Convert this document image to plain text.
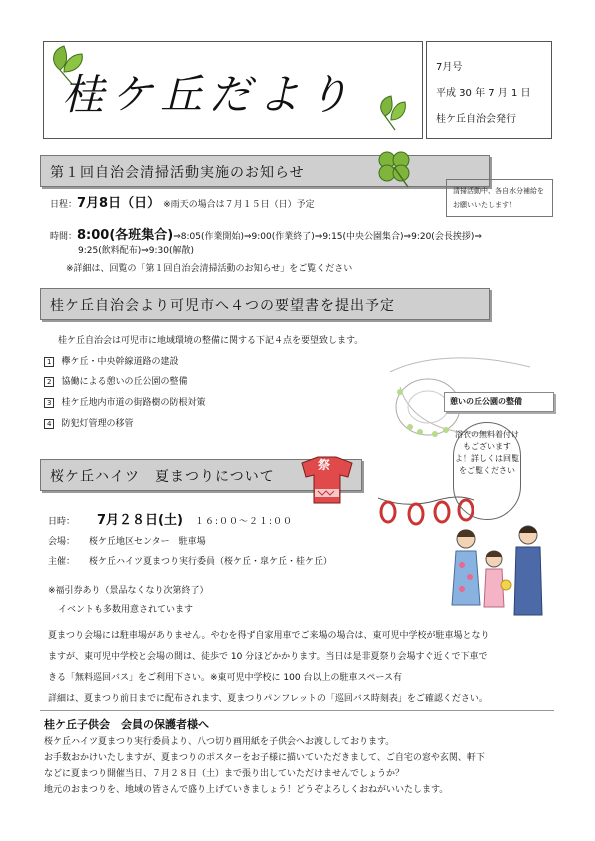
桂ケ丘だより
7月号
平成 30 年 7 月 1 日
桂ケ丘自治会発行
第１回自治会清掃活動実施のお知らせ
清掃活動中、各自水分補給をお願いいたします！
日程：7月8日（日） ※雨天の場合は７月１５日（日）予定
時間：8:00(各班集合)⇒8:05(作業開始)⇒9:00(作業終了)⇒9:15(中央公園集合)⇒9:20(会長挨拶)⇒
9:25(飲料配布)⇒9:30(解散)
※詳細は、回覧の「第１回自治会清掃活動のお知らせ」をご覧ください
桂ケ丘自治会より可児市へ４つの要望書を提出予定
桂ケ丘自治会は可児市に地域環境の整備に関する下記４点を要望致します。
1 欅ケ丘・中央幹線道路の建設
2 協働による憩いの丘公園の整備
3 桂ケ丘地内市道の街路樹の防根対策
4 防犯灯管理の移管
憩いの丘公園の整備
桜ケ丘ハイツ　夏まつりについて
祭
日時： 7月２８日(土) １６:００～２１:００
会場： 桜ケ丘地区センター　駐車場
主催： 桜ケ丘ハイツ夏まつり実行委員（桜ケ丘・皐ケ丘・桂ケ丘）
※福引券あり（景品なくなり次第終了）
イベントも多数用意されています
浴衣の無料着付けもございます よ！詳しくは回覧をご覧ください
夏まつり会場には駐車場がありません。やむを得ず自家用車でご来場の場合は、東可児中学校が駐車場となり
ますが、東可児中学校と会場の間は、徒歩で 10 分ほどかかります。当日は是非夏祭り会場すぐ近くで下車で
きる「無料巡回バス」をご利用下さい。※東可児中学校に 100 台以上の駐車スペース有
詳細は、夏まつり前日までに配布されます、夏まつりパンフレットの「巡回バス時刻表」をご確認ください。
桂ケ丘子供会　会員の保護者様へ
桜ケ丘ハイツ夏まつり実行委員より、八つ切り画用紙を子供会へお渡ししております。
お手数おかけいたしますが、夏まつりのポスターをお子様に描いていただきまして、ご自宅の窓や玄関、軒下
などに夏まつり開催当日、７月２８日（土）まで張り出していただけませんでしょうか？
地元のおまつりを、地域の皆さんで盛り上げていきましょう！どうぞよろしくおねがいいたします。
